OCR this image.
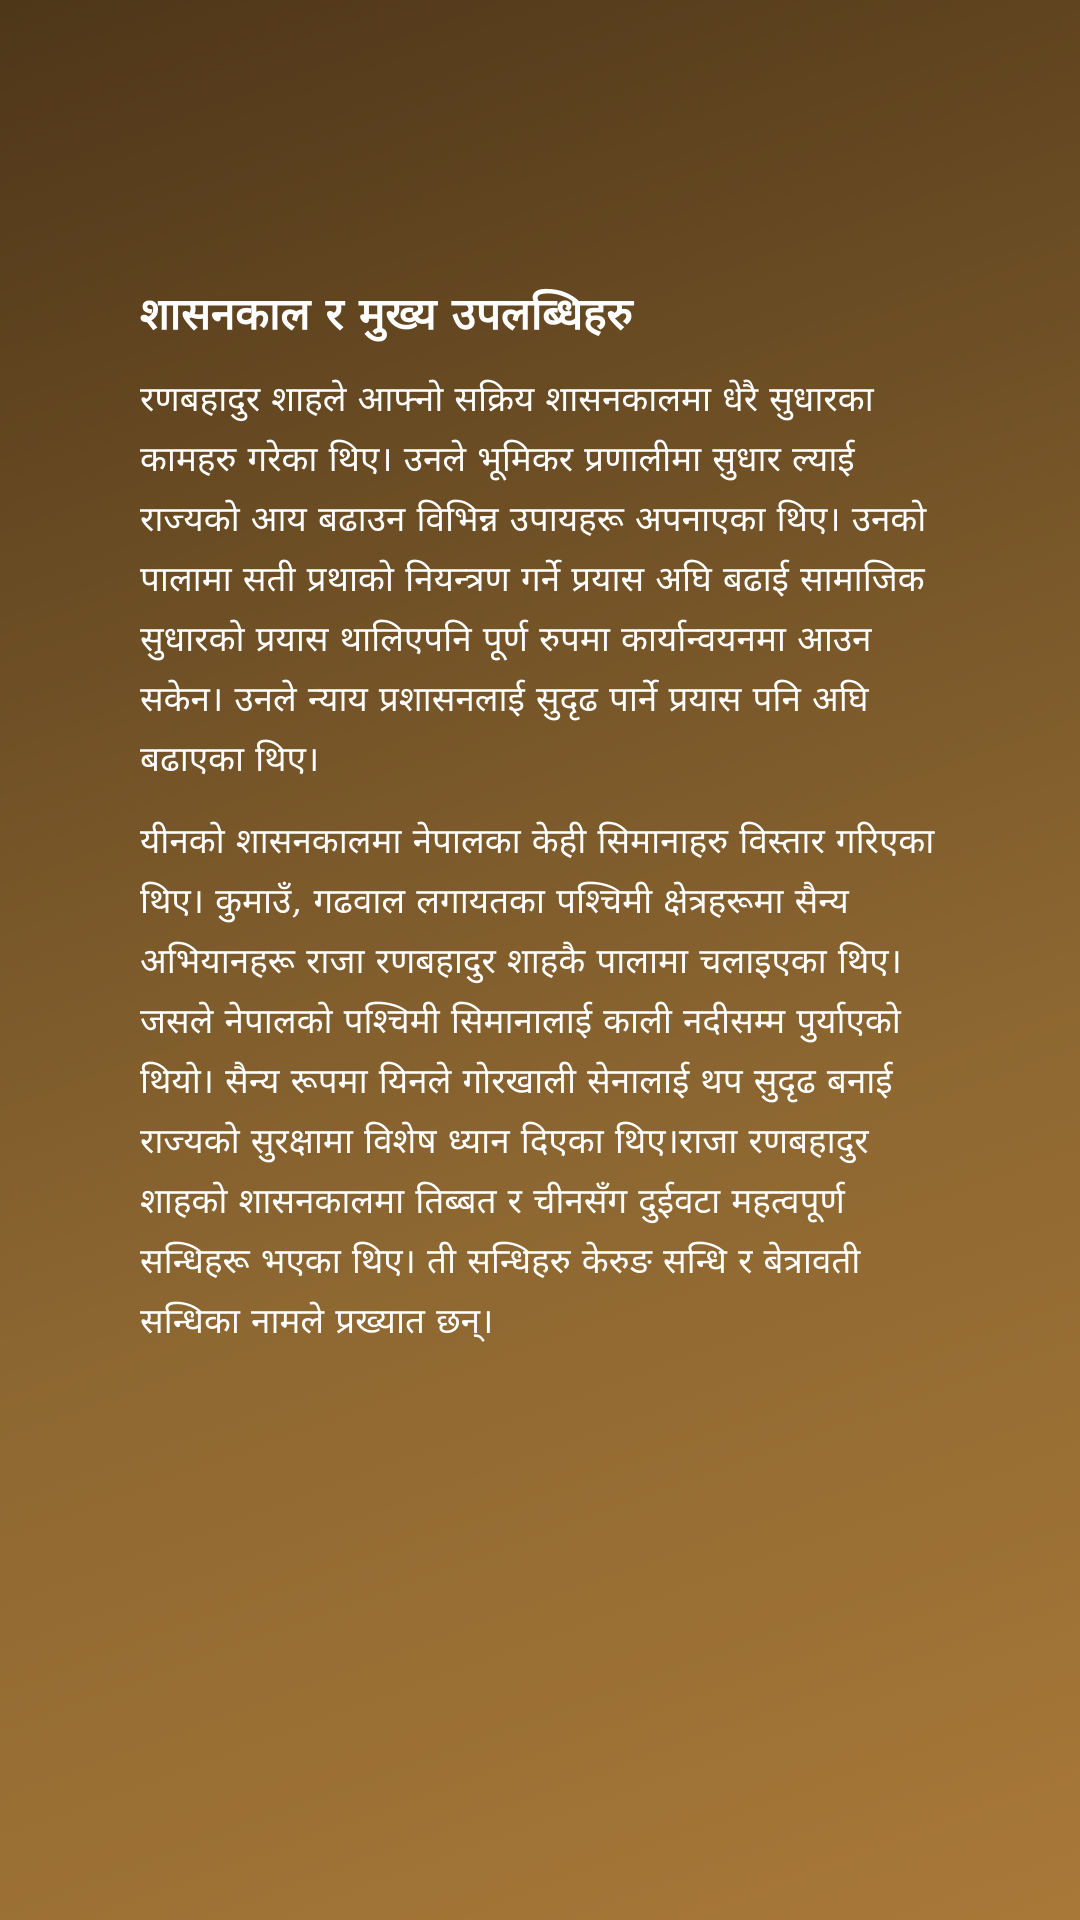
शासनकाल र मुख्य उपलब्धिहरु

रणबहादुर शाहले आफ्नो सक्रिय शासनकालमा धेरै सुधारका कामहरु गरेका थिए। उनले भूमिकर प्रणालीमा सुधार ल्याई राज्यको आय बढाउन विभिन्न उपायहरू अपनाएका थिए। उनको पालामा सती प्रथाको नियन्त्रण गर्ने प्रयास अघि बढाई सामाजिक सुधारको प्रयास थालिएपनि पूर्ण रुपमा कार्यान्वयनमा आउन सकेन। उनले न्याय प्रशासनलाई सुदृढ पार्ने प्रयास पनि अघि बढाएका थिए।

यीनको शासनकालमा नेपालका केही सिमानाहरु विस्तार गरिएका थिए। कुमाउँ, गढवाल लगायतका पश्चिमी क्षेत्रहरूमा सैन्य अभियानहरू राजा रणबहादुर शाहकै पालामा चलाइएका थिए। जसले नेपालको पश्चिमी सिमानालाई काली नदीसम्म पुर्याएको थियो। सैन्य रूपमा यिनले गोरखाली सेनालाई थप सुदृढ बनाई राज्यको सुरक्षामा विशेष ध्यान दिएका थिए।राजा रणबहादुर शाहको शासनकालमा तिब्बत र चीनसँग दुईवटा महत्वपूर्ण सन्धिहरू भएका थिए। ती सन्धिहरु केरुङ सन्धि र बेत्रावती सन्धिका नामले प्रख्यात छन्।
